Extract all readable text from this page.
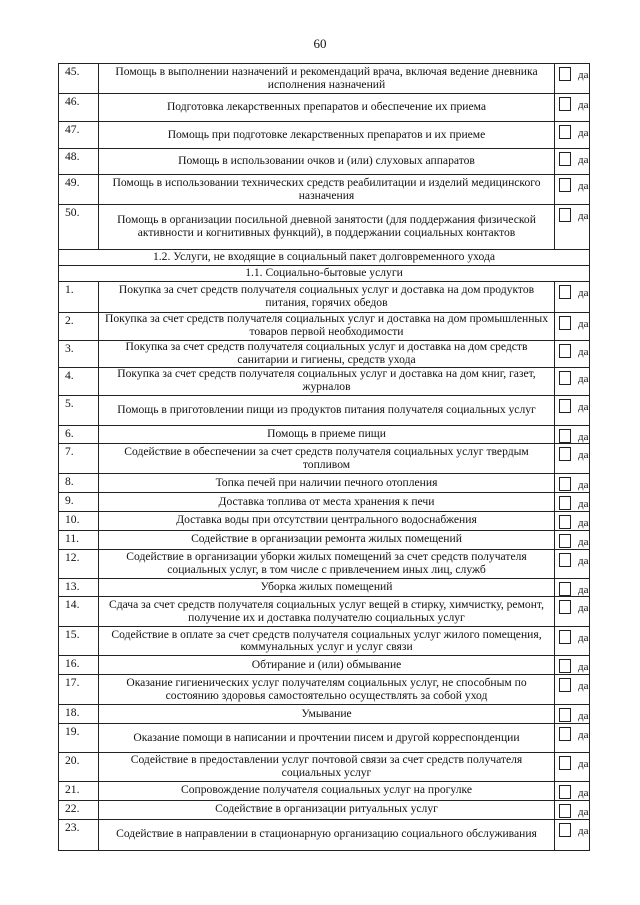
60
45.	Помощь в выполнении назначений и рекомендаций врача, включая ведение дневника исполнения назначений	да
46.	Подготовка лекарственных препаратов и обеспечение их приема	да
47.	Помощь при подготовке лекарственных препаратов и их приеме	да
48.	Помощь в использовании очков и (или) слуховых аппаратов	да
49.	Помощь в использовании технических средств реабилитации и изделий медицинского назначения	да
50.	Помощь в организации посильной дневной занятости (для поддержания физической активности и когнитивных функций), в поддержании социальных контактов	да
1.2. Услуги, не входящие в социальный пакет долговременного ухода		
1.1. Социально-бытовые услуги		
1.	Покупка за счет средств получателя социальных услуг и доставка на дом продуктов питания, горячих обедов	да
2.	Покупка за счет средств получателя социальных услуг и доставка на дом промышленных товаров первой необходимости	да
3.	Покупка за счет средств получателя социальных услуг и доставка на дом средств санитарии и гигиены, средств ухода	да
4.	Покупка за счет средств получателя социальных услуг и доставка на дом книг, газет, журналов	да
5.	Помощь в приготовлении пищи из продуктов питания получателя социальных услуг	да
6.	Помощь в приеме пищи	да
7.	Содействие в обеспечении за счет средств получателя социальных услуг твердым топливом	да
8.	Топка печей при наличии печного отопления	да
9.	Доставка топлива от места хранения к печи	да
10.	Доставка воды при отсутствии центрального водоснабжения	да
11.	Содействие в организации ремонта жилых помещений	да
12.	Содействие в организации уборки жилых помещений за счет средств получателя социальных услуг, в том числе с привлечением иных лиц, служб	да
13.	Уборка жилых помещений	да
14.	Сдача за счет средств получателя социальных услуг вещей в стирку, химчистку, ремонт, получение их и доставка получателю социальных услуг	да
15.	Содействие в оплате за счет средств получателя социальных услуг жилого помещения, коммунальных услуг и услуг связи	да
16.	Обтирание и (или) обмывание	да
17.	Оказание гигиенических услуг получателям социальных услуг, не способным по состоянию здоровья самостоятельно осуществлять за собой уход	да
18.	Умывание	да
19.	Оказание помощи в написании и прочтении писем и другой корреспонденции	да
20.	Содействие в предоставлении услуг почтовой связи за счет средств получателя социальных услуг	да
21.	Сопровождение получателя социальных услуг на прогулке	да
22.	Содействие в организации ритуальных услуг	да
23.	Содействие в направлении в стационарную организацию социального обслуживания	да
